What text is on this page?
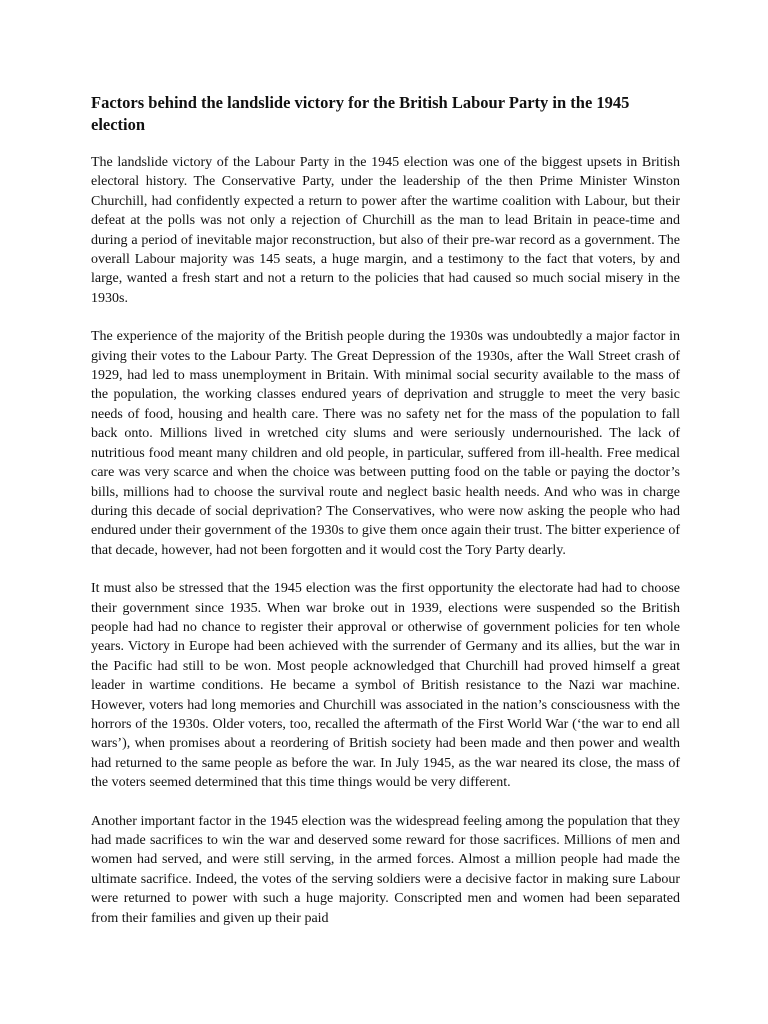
Factors behind the landslide victory for the British Labour Party in the 1945 election

The landslide victory of the Labour Party in the 1945 election was one of the biggest upsets in British electoral history. The Conservative Party, under the leadership of the then Prime Minister Winston Churchill, had confidently expected a return to power after the wartime coalition with Labour, but their defeat at the polls was not only a rejection of Churchill as the man to lead Britain in peace-time and during a period of inevitable major reconstruction, but also of their pre-war record as a government. The overall Labour majority was 145 seats, a huge margin, and a testimony to the fact that voters, by and large, wanted a fresh start and not a return to the policies that had caused so much social misery in the 1930s.

The experience of the majority of the British people during the 1930s was undoubtedly a major factor in giving their votes to the Labour Party. The Great Depression of the 1930s, after the Wall Street crash of 1929, had led to mass unemployment in Britain. With minimal social security available to the mass of the population, the working classes endured years of deprivation and struggle to meet the very basic needs of food, housing and health care. There was no safety net for the mass of the population to fall back onto. Millions lived in wretched city slums and were seriously undernourished. The lack of nutritious food meant many children and old people, in particular, suffered from ill-health. Free medical care was very scarce and when the choice was between putting food on the table or paying the doctor’s bills, millions had to choose the survival route and neglect basic health needs. And who was in charge during this decade of social deprivation? The Conservatives, who were now asking the people who had endured under their government of the 1930s to give them once again their trust. The bitter experience of that decade, however, had not been forgotten and it would cost the Tory Party dearly.

It must also be stressed that the 1945 election was the first opportunity the electorate had had to choose their government since 1935. When war broke out in 1939, elections were suspended so the British people had had no chance to register their approval or otherwise of government policies for ten whole years. Victory in Europe had been achieved with the surrender of Germany and its allies, but the war in the Pacific had still to be won. Most people acknowledged that Churchill had proved himself a great leader in wartime conditions. He became a symbol of British resistance to the Nazi war machine. However, voters had long memories and Churchill was associated in the nation’s consciousness with the horrors of the 1930s. Older voters, too, recalled the aftermath of the First World War (‘the war to end all wars’), when promises about a reordering of British society had been made and then power and wealth had returned to the same people as before the war. In July 1945, as the war neared its close, the mass of the voters seemed determined that this time things would be very different.

Another important factor in the 1945 election was the widespread feeling among the population that they had made sacrifices to win the war and deserved some reward for those sacrifices. Millions of men and women had served, and were still serving, in the armed forces. Almost a million people had made the ultimate sacrifice. Indeed, the votes of the serving soldiers were a decisive factor in making sure Labour were returned to power with such a huge majority. Conscripted men and women had been separated from their families and given up their paid
